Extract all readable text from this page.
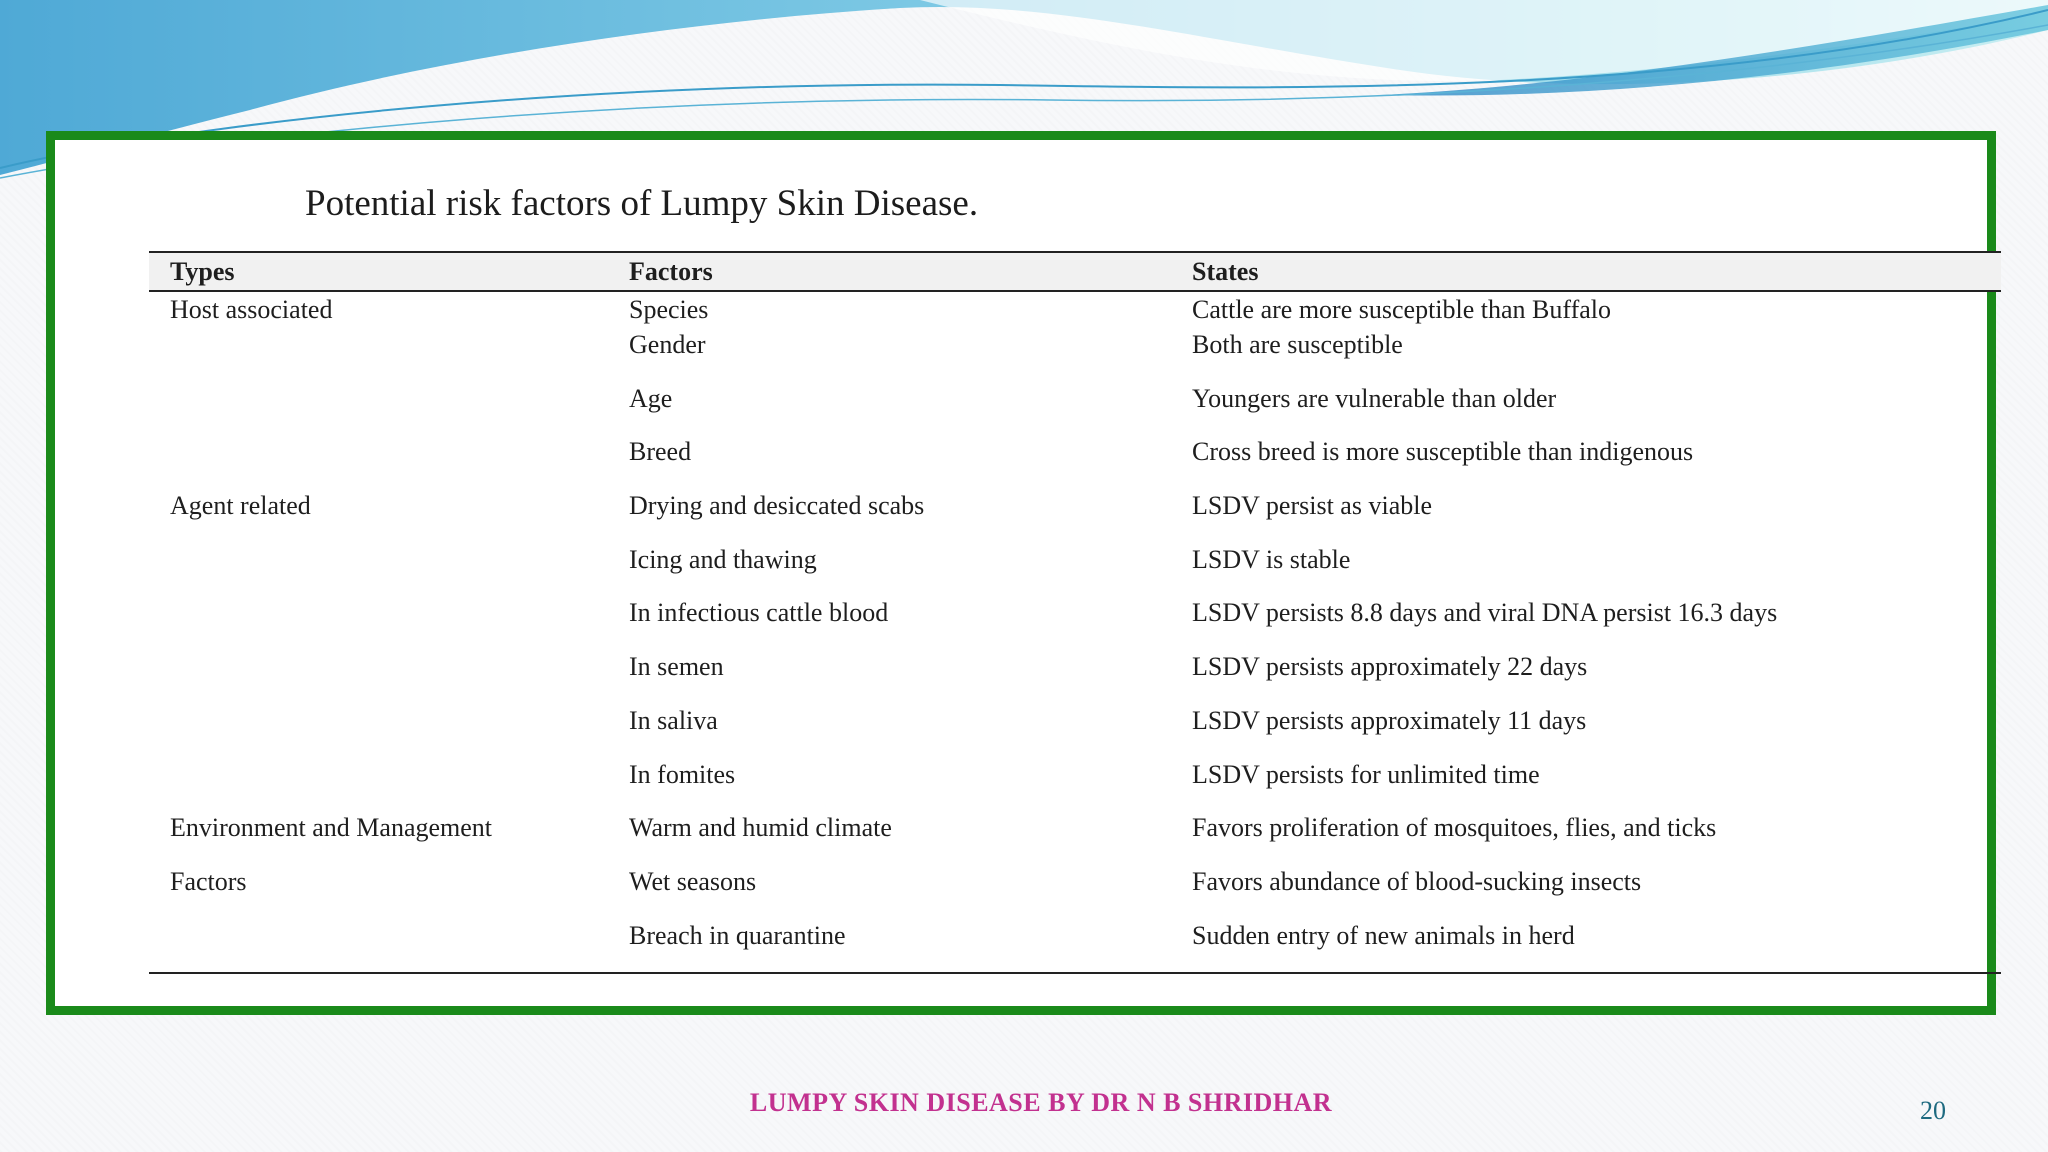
Potential risk factors of Lumpy Skin Disease.
Types	Factors	States
Host associated	Species	Cattle are more susceptible than Buffalo
	Gender	Both are susceptible
	Age	Youngers are vulnerable than older
	Breed	Cross breed is more susceptible than indigenous
Agent related	Drying and desiccated scabs	LSDV persist as viable
	Icing and thawing	LSDV is stable
	In infectious cattle blood	LSDV persists 8.8 days and viral DNA persist 16.3 days
	In semen	LSDV persists approximately 22 days
	In saliva	LSDV persists approximately 11 days
	In fomites	LSDV persists for unlimited time
Environment and Management	Warm and humid climate	Favors proliferation of mosquitoes, flies, and ticks
Factors	Wet seasons	Favors abundance of blood-sucking insects
	Breach in quarantine	Sudden entry of new animals in herd
LUMPY SKIN DISEASE BY DR N B SHRIDHAR	20
